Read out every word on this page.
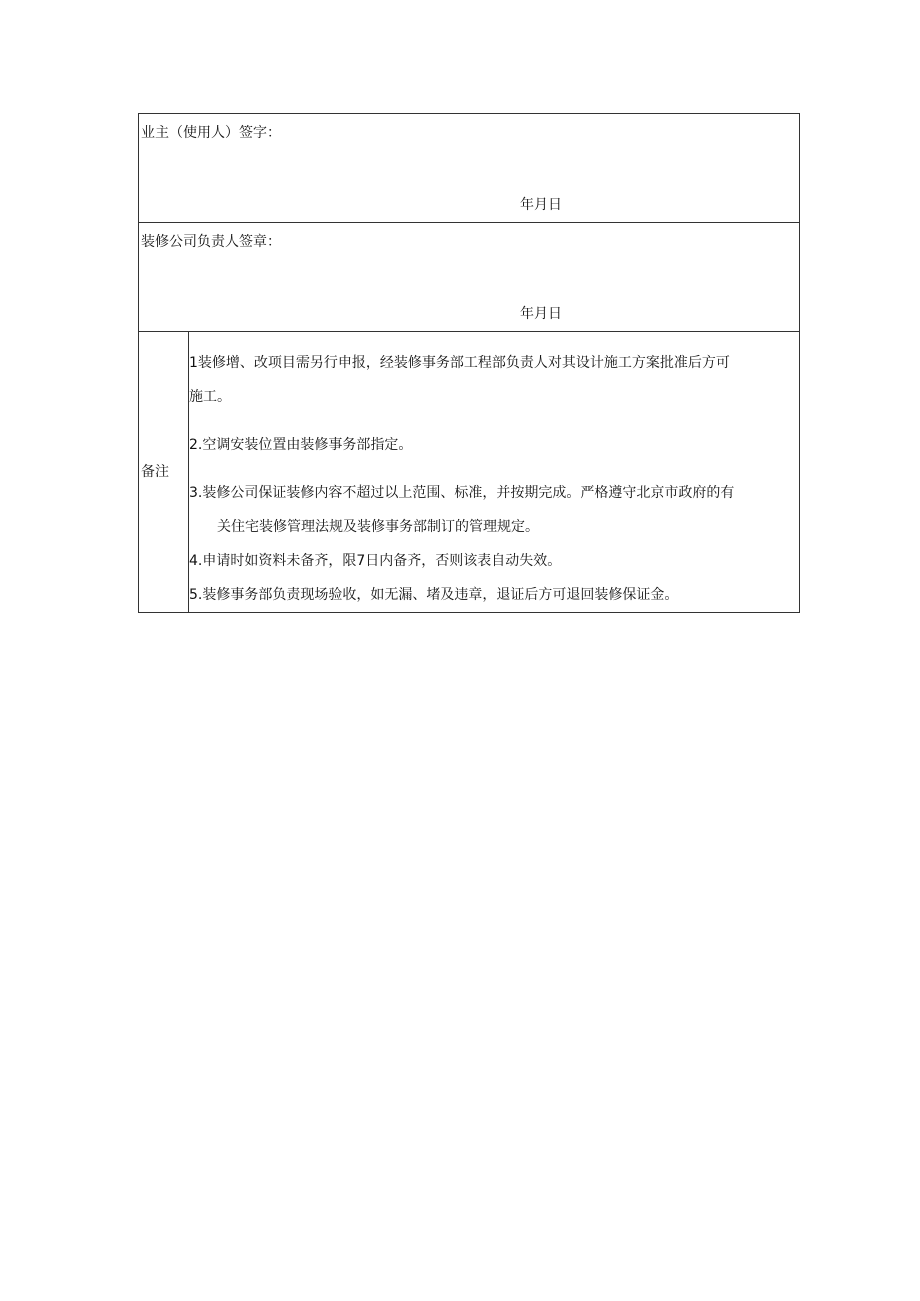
业主（使用人）签字：
年月日

装修公司负责人签章：
年月日

备注

1装修增、改项目需另行申报，经装修事务部工程部负责人对其设计施工方案批准后方可
施工。
2.空调安装位置由装修事务部指定。
3.装修公司保证装修内容不超过以上范围、标准，并按期完成。严格遵守北京市政府的有
关住宅装修管理法规及装修事务部制订的管理规定。
4.申请时如资料未备齐，限7日内备齐，否则该表自动失效。
5.装修事务部负责现场验收，如无漏、堵及违章，退证后方可退回装修保证金。
